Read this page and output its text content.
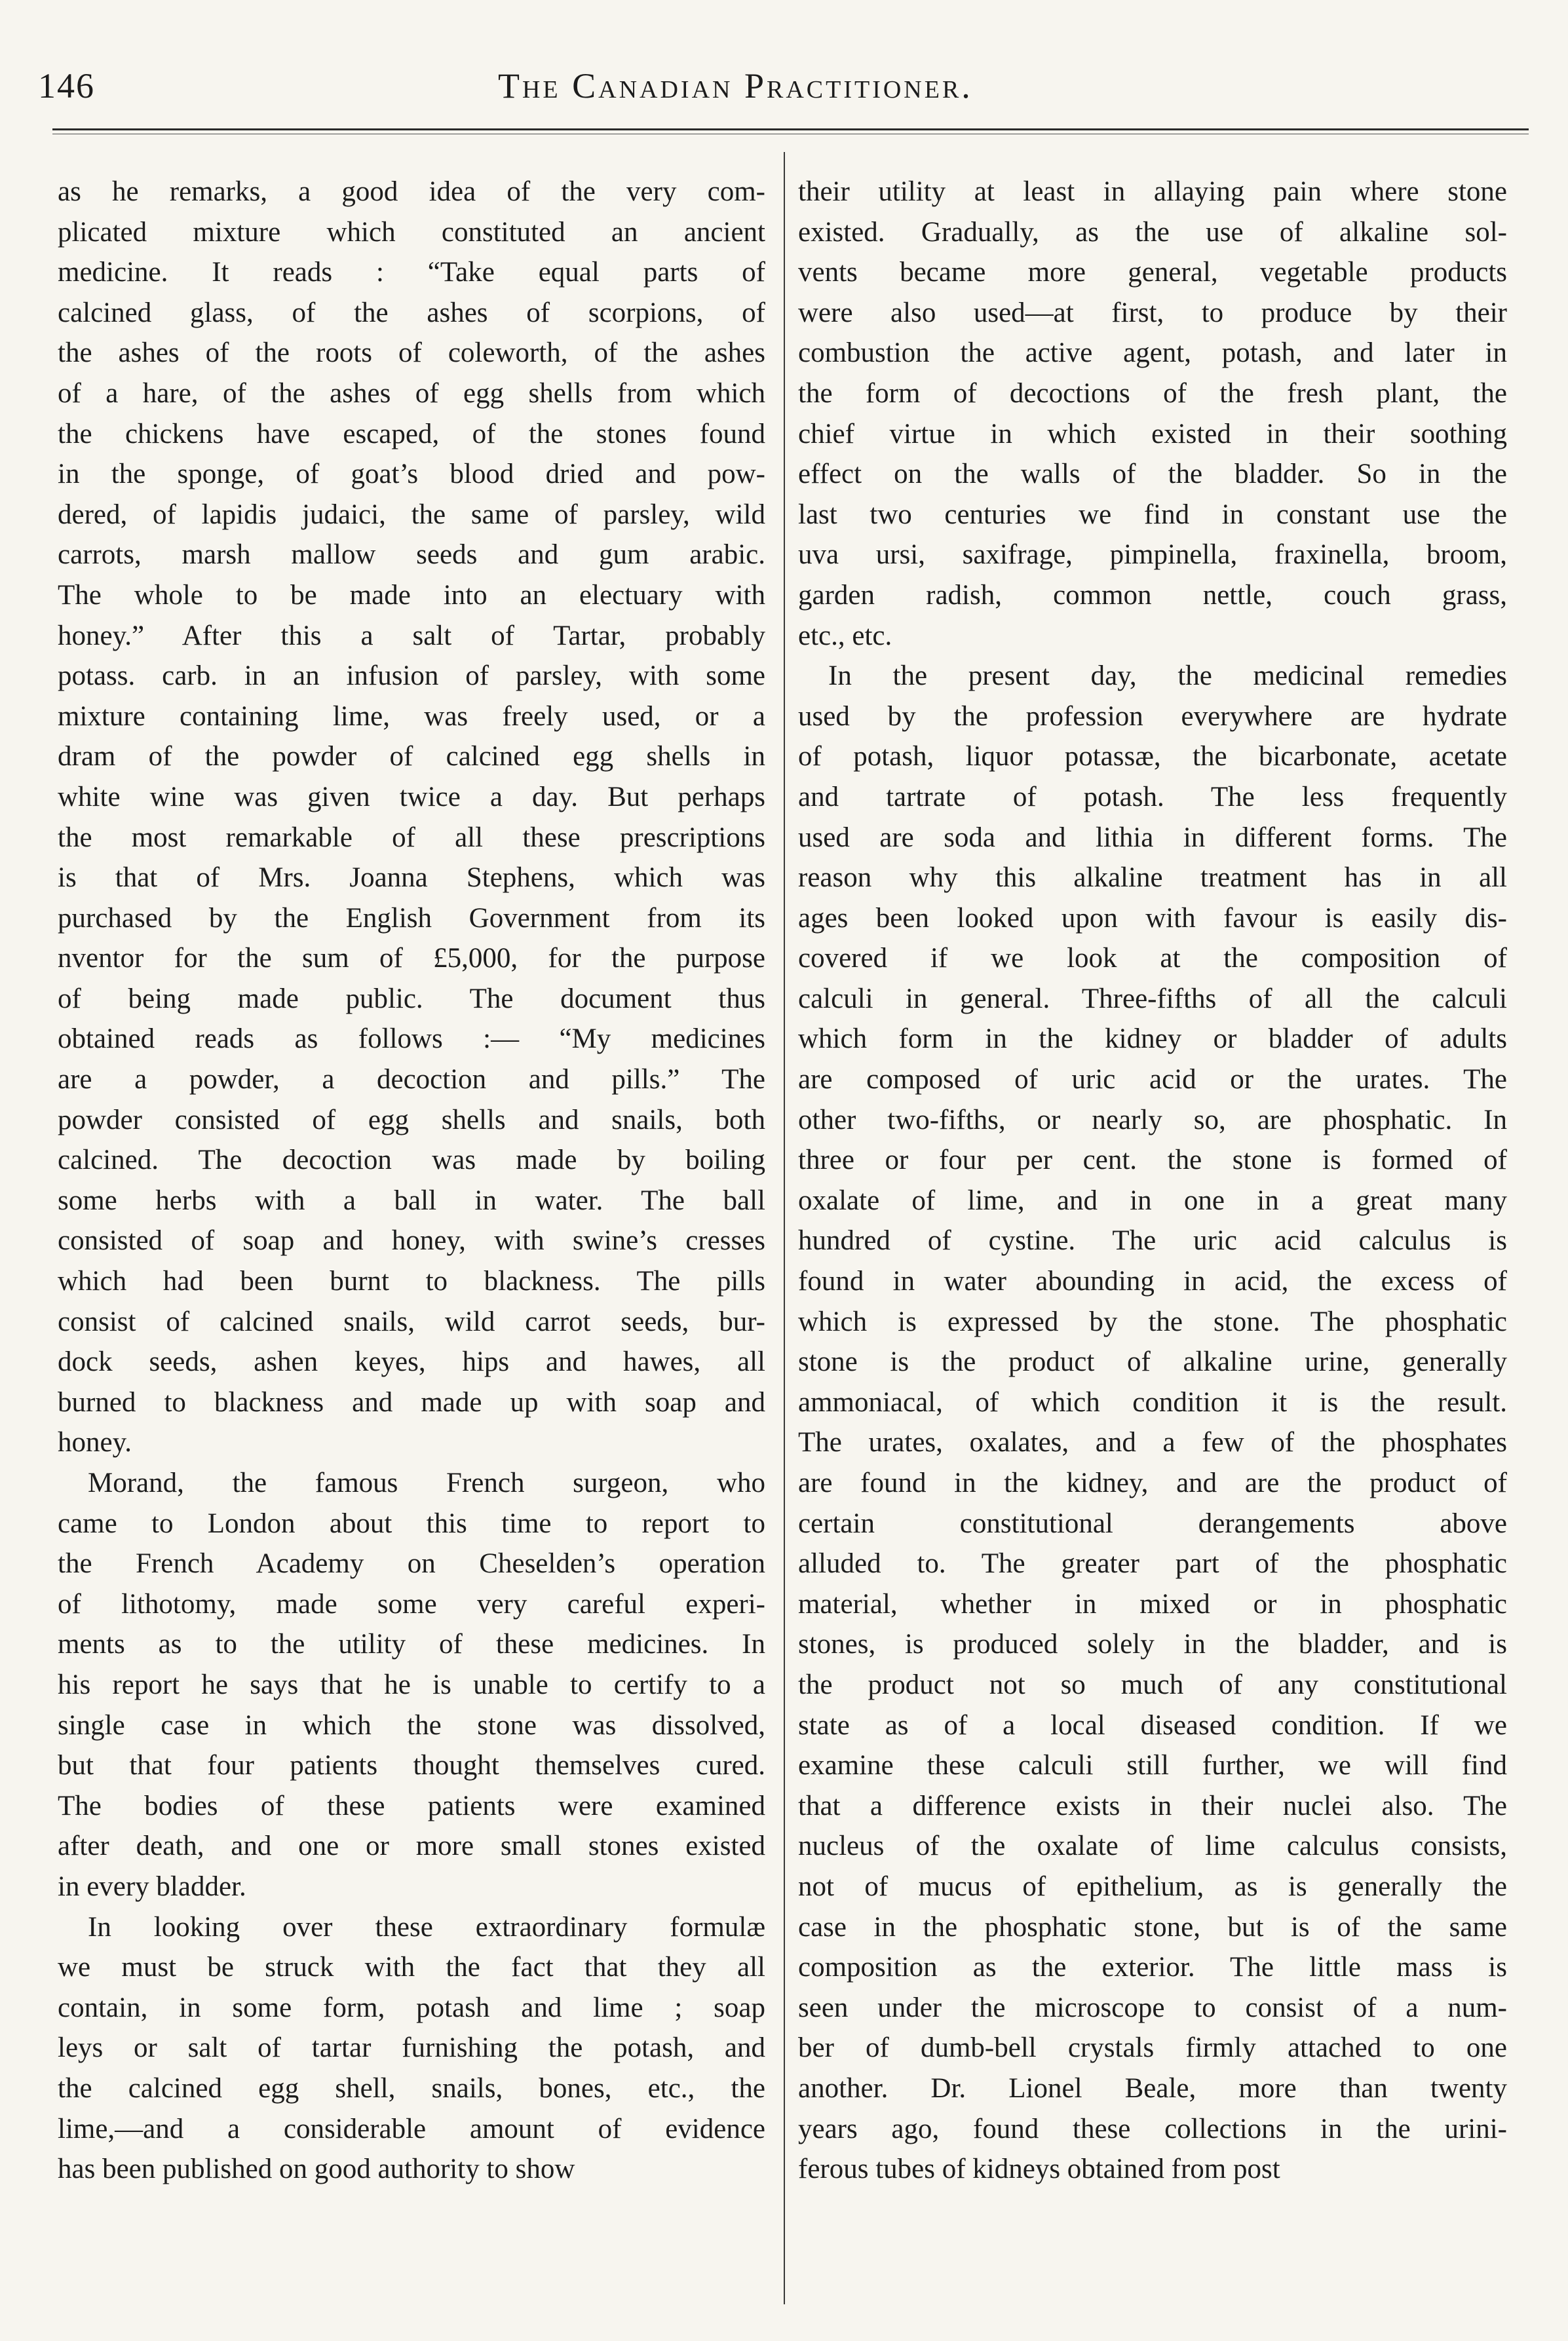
146	The Canadian Practitioner.
as he remarks, a good idea of the very com-
plicated mixture which constituted an ancient
medicine. It reads : “Take equal parts of
calcined glass, of the ashes of scorpions, of
the ashes of the roots of coleworth, of the ashes
of a hare, of the ashes of egg shells from which
the chickens have escaped, of the stones found
in the sponge, of goat’s blood dried and pow-
dered, of lapidis judaici, the same of parsley, wild
carrots, marsh mallow seeds and gum arabic.
The whole to be made into an electuary with
honey.” After this a salt of Tartar, probably
potass. carb. in an infusion of parsley, with some
mixture containing lime, was freely used, or a
dram of the powder of calcined egg shells in
white wine was given twice a day. But perhaps
the most remarkable of all these prescriptions
is that of Mrs. Joanna Stephens, which was
purchased by the English Government from its
nventor for the sum of £5,000, for the purpose
of being made public. The document thus
obtained reads as follows :— “My medicines
are a powder, a decoction and pills.” The
powder consisted of egg shells and snails, both
calcined. The decoction was made by boiling
some herbs with a ball in water. The ball
consisted of soap and honey, with swine’s cresses
which had been burnt to blackness. The pills
consist of calcined snails, wild carrot seeds, bur-
dock seeds, ashen keyes, hips and hawes, all
burned to blackness and made up with soap and
honey.
Morand, the famous French surgeon, who
came to London about this time to report to
the French Academy on Cheselden’s operation
of lithotomy, made some very careful experi-
ments as to the utility of these medicines. In
his report he says that he is unable to certify to a
single case in which the stone was dissolved,
but that four patients thought themselves cured.
The bodies of these patients were examined
after death, and one or more small stones existed
in every bladder.
In looking over these extraordinary formulæ
we must be struck with the fact that they all
contain, in some form, potash and lime ; soap
leys or salt of tartar furnishing the potash, and
the calcined egg shell, snails, bones, etc., the
lime,—and a considerable amount of evidence
has been published on good authority to show
their utility at least in allaying pain where stone
existed. Gradually, as the use of alkaline sol-
vents became more general, vegetable products
were also used—at first, to produce by their
combustion the active agent, potash, and later in
the form of decoctions of the fresh plant, the
chief virtue in which existed in their soothing
effect on the walls of the bladder. So in the
last two centuries we find in constant use the
uva ursi, saxifrage, pimpinella, fraxinella, broom,
garden radish, common nettle, couch grass,
etc., etc.
In the present day, the medicinal remedies
used by the profession everywhere are hydrate
of potash, liquor potassæ, the bicarbonate, acetate
and tartrate of potash. The less frequently
used are soda and lithia in different forms. The
reason why this alkaline treatment has in all
ages been looked upon with favour is easily dis-
covered if we look at the composition of
calculi in general. Three-fifths of all the calculi
which form in the kidney or bladder of adults
are composed of uric acid or the urates. The
other two-fifths, or nearly so, are phosphatic. In
three or four per cent. the stone is formed of
oxalate of lime, and in one in a great many
hundred of cystine. The uric acid calculus is
found in water abounding in acid, the excess of
which is expressed by the stone. The phosphatic
stone is the product of alkaline urine, generally
ammoniacal, of which condition it is the result.
The urates, oxalates, and a few of the phosphates
are found in the kidney, and are the product of
certain constitutional derangements above
alluded to. The greater part of the phosphatic
material, whether in mixed or in phosphatic
stones, is produced solely in the bladder, and is
the product not so much of any constitutional
state as of a local diseased condition. If we
examine these calculi still further, we will find
that a difference exists in their nuclei also. The
nucleus of the oxalate of lime calculus consists,
not of mucus of epithelium, as is generally the
case in the phosphatic stone, but is of the same
composition as the exterior. The little mass is
seen under the microscope to consist of a num-
ber of dumb-bell crystals firmly attached to one
another. Dr. Lionel Beale, more than twenty
years ago, found these collections in the urini-
ferous tubes of kidneys obtained from post
